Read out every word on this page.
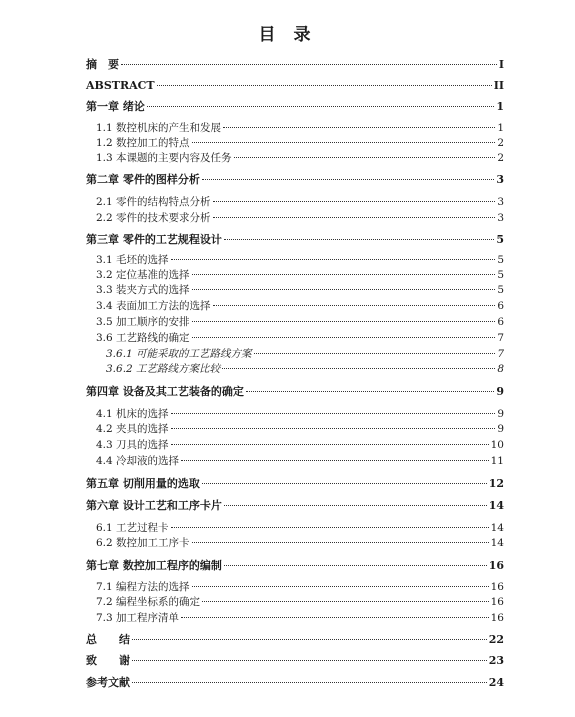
目 录
摘　要	I
ABSTRACT	II
第一章 绪论	1
1.1 数控机床的产生和发展	1
1.2 数控加工的特点	2
1.3 本课题的主要内容及任务	2
第二章 零件的图样分析	3
2.1 零件的结构特点分析	3
2.2 零件的技术要求分析	3
第三章 零件的工艺规程设计	5
3.1 毛坯的选择	5
3.2 定位基准的选择	5
3.3 装夹方式的选择	5
3.4 表面加工方法的选择	6
3.5 加工顺序的安排	6
3.6 工艺路线的确定	7
3.6.1 可能采取的工艺路线方案	7
3.6.2 工艺路线方案比较	8
第四章 设备及其工艺装备的确定	9
4.1 机床的选择	9
4.2 夹具的选择	9
4.3 刀具的选择	10
4.4 冷却液的选择	11
第五章 切削用量的选取	12
第六章 设计工艺和工序卡片	14
6.1 工艺过程卡	14
6.2 数控加工工序卡	14
第七章 数控加工程序的编制	16
7.1 编程方法的选择	16
7.2 编程坐标系的确定	16
7.3 加工程序清单	16
总　　结	22
致　　谢	23
参考文献	24
